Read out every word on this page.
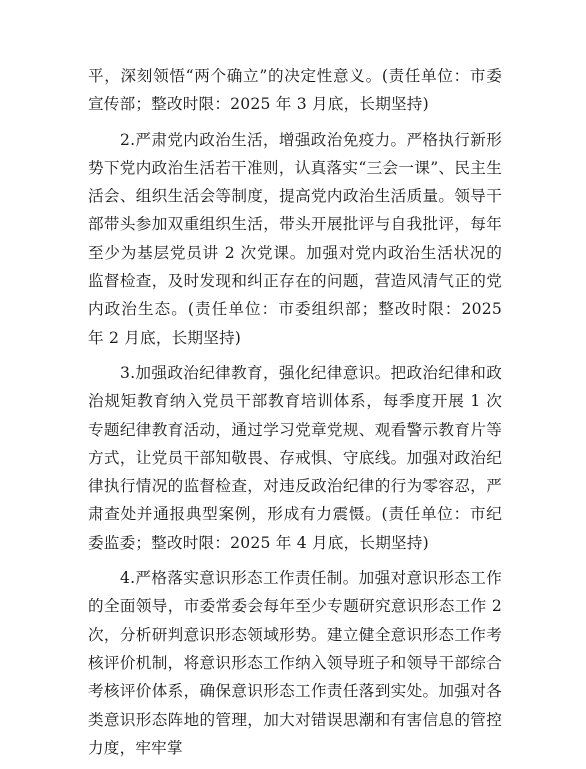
平，深刻领悟“两个确立”的决定性意义。(责任单位：市委宣传部；整改时限：2025 年 3 月底，长期坚持)

2.严肃党内政治生活，增强政治免疫力。严格执行新形势下党内政治生活若干准则，认真落实“三会一课”、民主生活会、组织生活会等制度，提高党内政治生活质量。领导干部带头参加双重组织生活，带头开展批评与自我批评，每年至少为基层党员讲 2 次党课。加强对党内政治生活状况的监督检查，及时发现和纠正存在的问题，营造风清气正的党内政治生态。(责任单位：市委组织部；整改时限：2025 年 2 月底，长期坚持)

3.加强政治纪律教育，强化纪律意识。把政治纪律和政治规矩教育纳入党员干部教育培训体系，每季度开展 1 次专题纪律教育活动，通过学习党章党规、观看警示教育片等方式，让党员干部知敬畏、存戒惧、守底线。加强对政治纪律执行情况的监督检查，对违反政治纪律的行为零容忍，严肃查处并通报典型案例，形成有力震慑。(责任单位：市纪委监委；整改时限：2025 年 4 月底，长期坚持)

4.严格落实意识形态工作责任制。加强对意识形态工作的全面领导，市委常委会每年至少专题研究意识形态工作 2 次，分析研判意识形态领域形势。建立健全意识形态工作考核评价机制，将意识形态工作纳入领导班子和领导干部综合考核评价体系，确保意识形态工作责任落到实处。加强对各类意识形态阵地的管理，加大对错误思潮和有害信息的管控力度，牢牢掌
